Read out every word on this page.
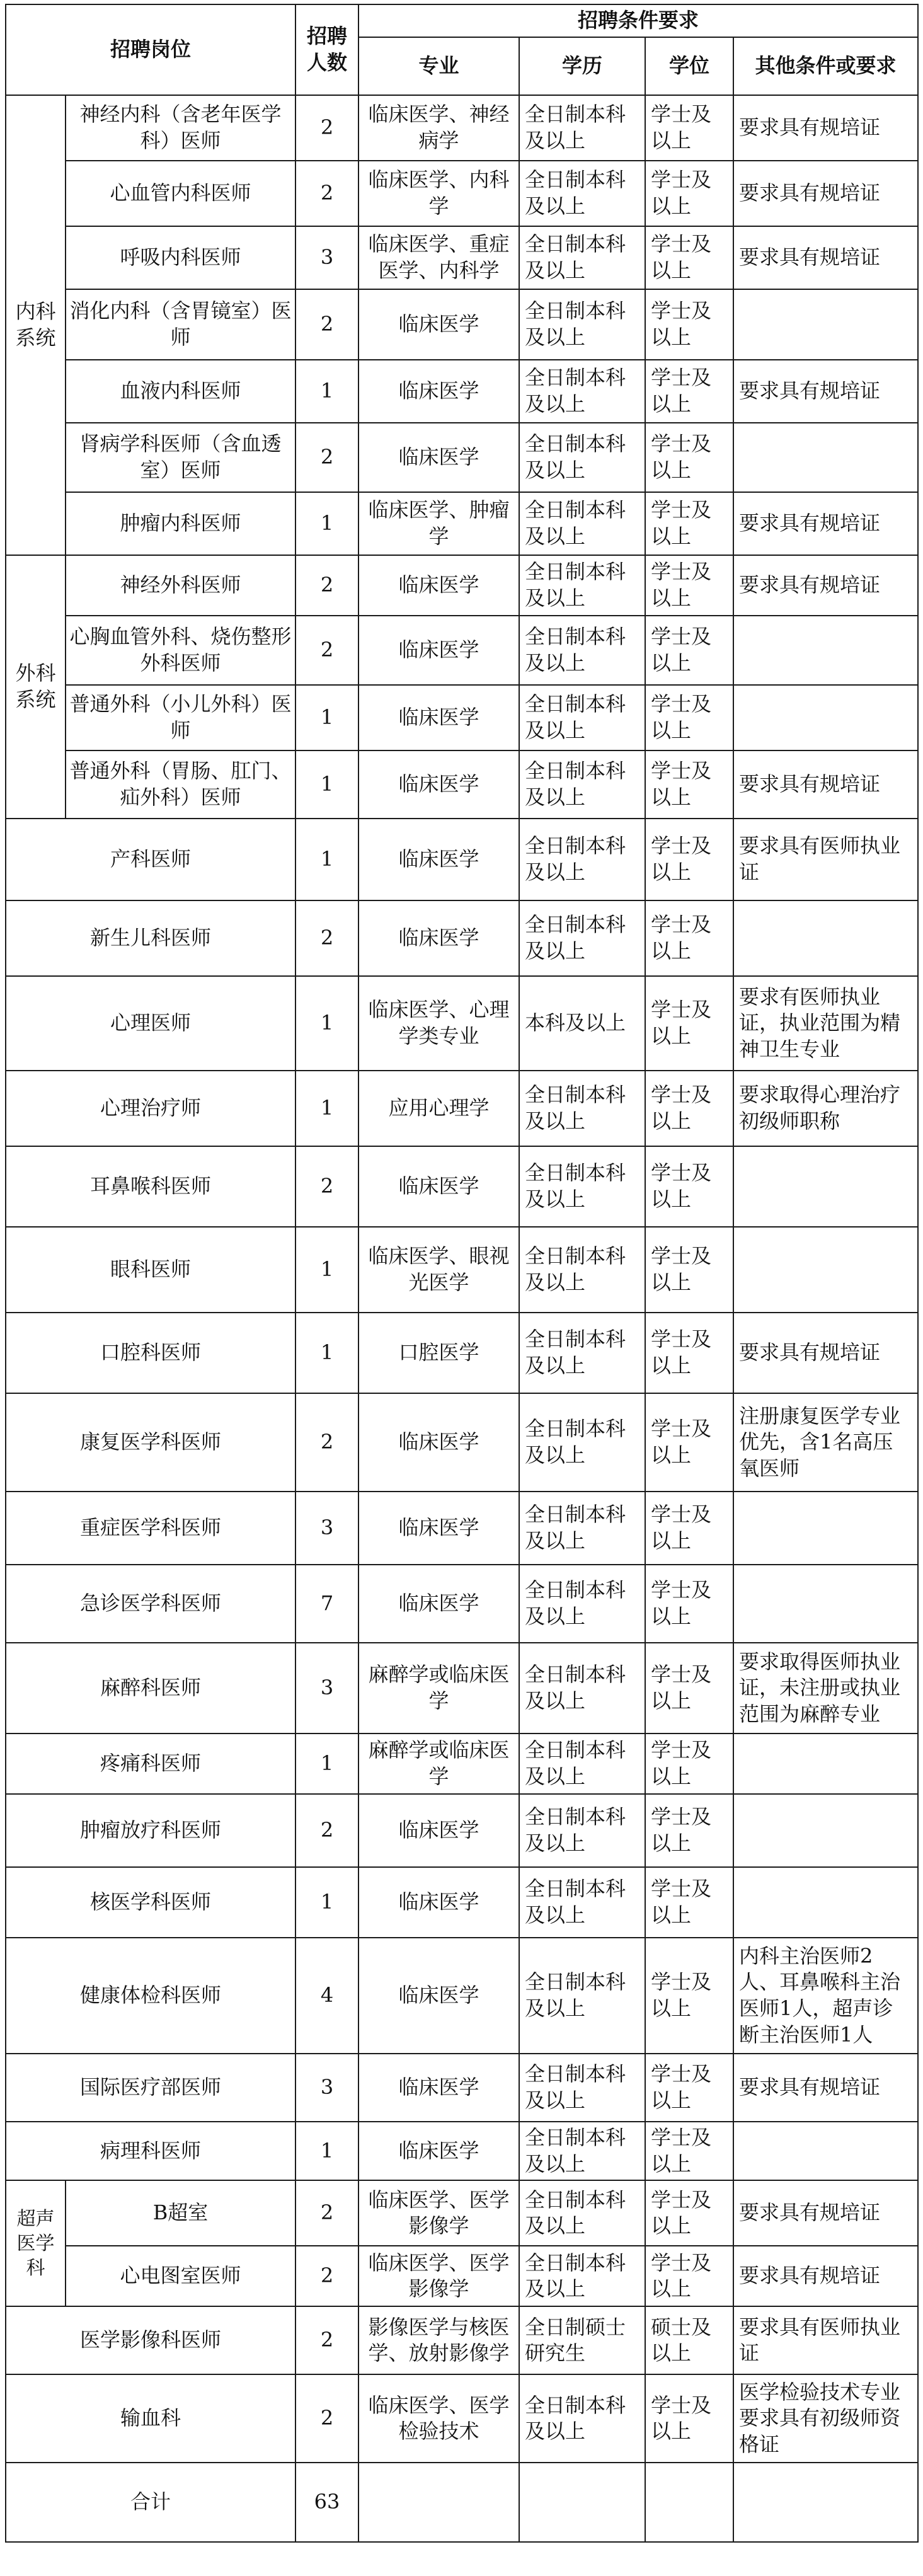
招聘岗位		招聘人数	招聘条件要求			
			专业	学历	学位	其他条件或要求
内科系统	神经内科（含老年医学科）医师	2	临床医学、神经病学	全日制本科及以上	学士及以上	要求具有规培证
	心血管内科医师	2	临床医学、内科学	全日制本科及以上	学士及以上	要求具有规培证
	呼吸内科医师	3	临床医学、重症医学、内科学	全日制本科及以上	学士及以上	要求具有规培证
	消化内科（含胃镜室）医师	2	临床医学	全日制本科及以上	学士及以上	
	血液内科医师	1	临床医学	全日制本科及以上	学士及以上	要求具有规培证
	肾病学科医师（含血透室）医师	2	临床医学	全日制本科及以上	学士及以上	
	肿瘤内科医师	1	临床医学、肿瘤学	全日制本科及以上	学士及以上	要求具有规培证
外科系统	神经外科医师	2	临床医学	全日制本科及以上	学士及以上	要求具有规培证
	心胸血管外科、烧伤整形外科医师	2	临床医学	全日制本科及以上	学士及以上	
	普通外科（小儿外科）医师	1	临床医学	全日制本科及以上	学士及以上	
	普通外科（胃肠、肛门、疝外科）医师	1	临床医学	全日制本科及以上	学士及以上	要求具有规培证
产科医师		1	临床医学	全日制本科及以上	学士及以上	要求具有医师执业证
新生儿科医师		2	临床医学	全日制本科及以上	学士及以上	
心理医师		1	临床医学、心理学类专业	本科及以上	学士及以上	要求有医师执业证，执业范围为精神卫生专业
心理治疗师		1	应用心理学	全日制本科及以上	学士及以上	要求取得心理治疗初级师职称
耳鼻喉科医师		2	临床医学	全日制本科及以上	学士及以上	
眼科医师		1	临床医学、眼视光医学	全日制本科及以上	学士及以上	
口腔科医师		1	口腔医学	全日制本科及以上	学士及以上	要求具有规培证
康复医学科医师		2	临床医学	全日制本科及以上	学士及以上	注册康复医学专业优先，含1名高压氧医师
重症医学科医师		3	临床医学	全日制本科及以上	学士及以上	
急诊医学科医师		7	临床医学	全日制本科及以上	学士及以上	
麻醉科医师		3	麻醉学或临床医学	全日制本科及以上	学士及以上	要求取得医师执业证，未注册或执业范围为麻醉专业
疼痛科医师		1	麻醉学或临床医学	全日制本科及以上	学士及以上	
肿瘤放疗科医师		2	临床医学	全日制本科及以上	学士及以上	
核医学科医师		1	临床医学	全日制本科及以上	学士及以上	
健康体检科医师		4	临床医学	全日制本科及以上	学士及以上	内科主治医师2人、耳鼻喉科主治医师1人，超声诊断主治医师1人
国际医疗部医师		3	临床医学	全日制本科及以上	学士及以上	要求具有规培证
病理科医师		1	临床医学	全日制本科及以上	学士及以上	
超声医学科	B超室	2	临床医学、医学影像学	全日制本科及以上	学士及以上	要求具有规培证
	心电图室医师	2	临床医学、医学影像学	全日制本科及以上	学士及以上	要求具有规培证
医学影像科医师		2	影像医学与核医学、放射影像学	全日制硕士研究生	硕士及以上	要求具有医师执业证
输血科		2	临床医学、医学检验技术	全日制本科及以上	学士及以上	医学检验技术专业要求具有初级师资格证
合计		63				
